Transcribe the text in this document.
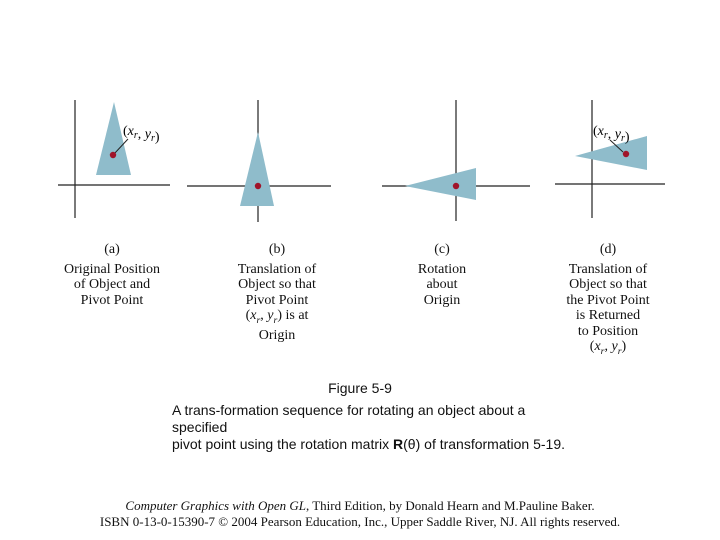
($x_r$, $y_r$)	($x_r$, $y_r$)
(a)
Original Position
of Object and
Pivot Point
(b)
Translation of
Object so that
Pivot Point
($x_r$, $y_r$) is at
Origin
(c)
Rotation
about
Origin
(d)
Translation of
Object so that
the Pivot Point
is Returned
to Position
($x_r$, $y_r$)
Figure 5-9
A trans-formation sequence for rotating an object about a specified
pivot point using the rotation matrix R(θ) of transformation 5-19.
Computer Graphics with Open GL, Third Edition, by Donald Hearn and M.Pauline Baker.
ISBN 0-13-0-15390-7 © 2004 Pearson Education, Inc., Upper Saddle River, NJ. All rights reserved.
